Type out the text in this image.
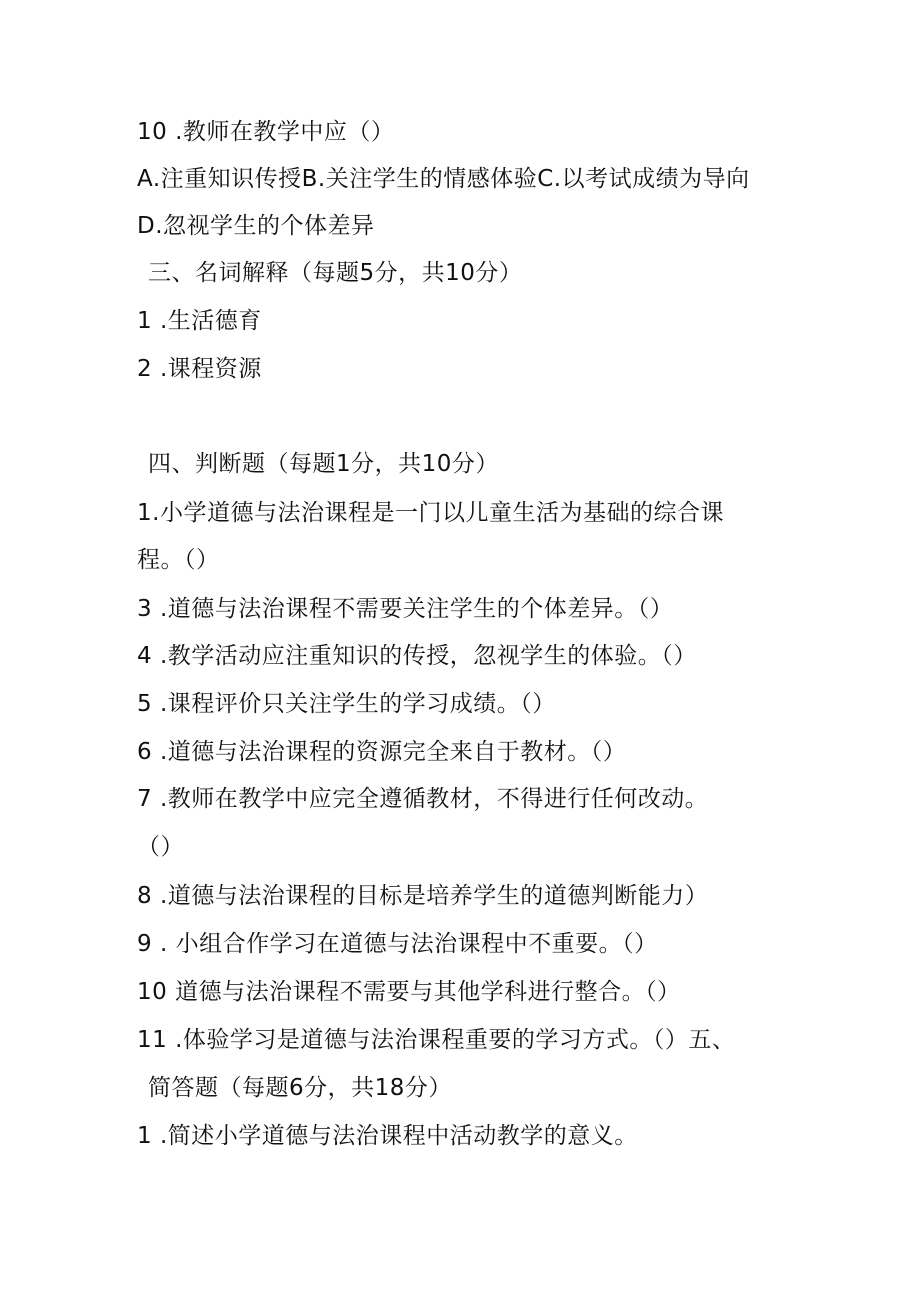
10 .教师在教学中应（）
A.注重知识传授B.关注学生的情感体验C.以考试成绩为导向
D.忽视学生的个体差异
三、名词解释（每题5分，共10分）
1 .生活德育
2 .课程资源
四、判断题（每题1分，共10分）
1.小学道德与法治课程是一门以儿童生活为基础的综合课
程。（）
3 .道德与法治课程不需要关注学生的个体差异。（）
4 .教学活动应注重知识的传授，忽视学生的体验。（）
5 .课程评价只关注学生的学习成绩。（）
6 .道德与法治课程的资源完全来自于教材。（）
7 .教师在教学中应完全遵循教材，不得进行任何改动。
（）
8 .道德与法治课程的目标是培养学生的道德判断能力）
9 . 小组合作学习在道德与法治课程中不重要。（）
10 道德与法治课程不需要与其他学科进行整合。（）
11 .体验学习是道德与法治课程重要的学习方式。（）五、
简答题（每题6分，共18分）
1 .简述小学道德与法治课程中活动教学的意义。
